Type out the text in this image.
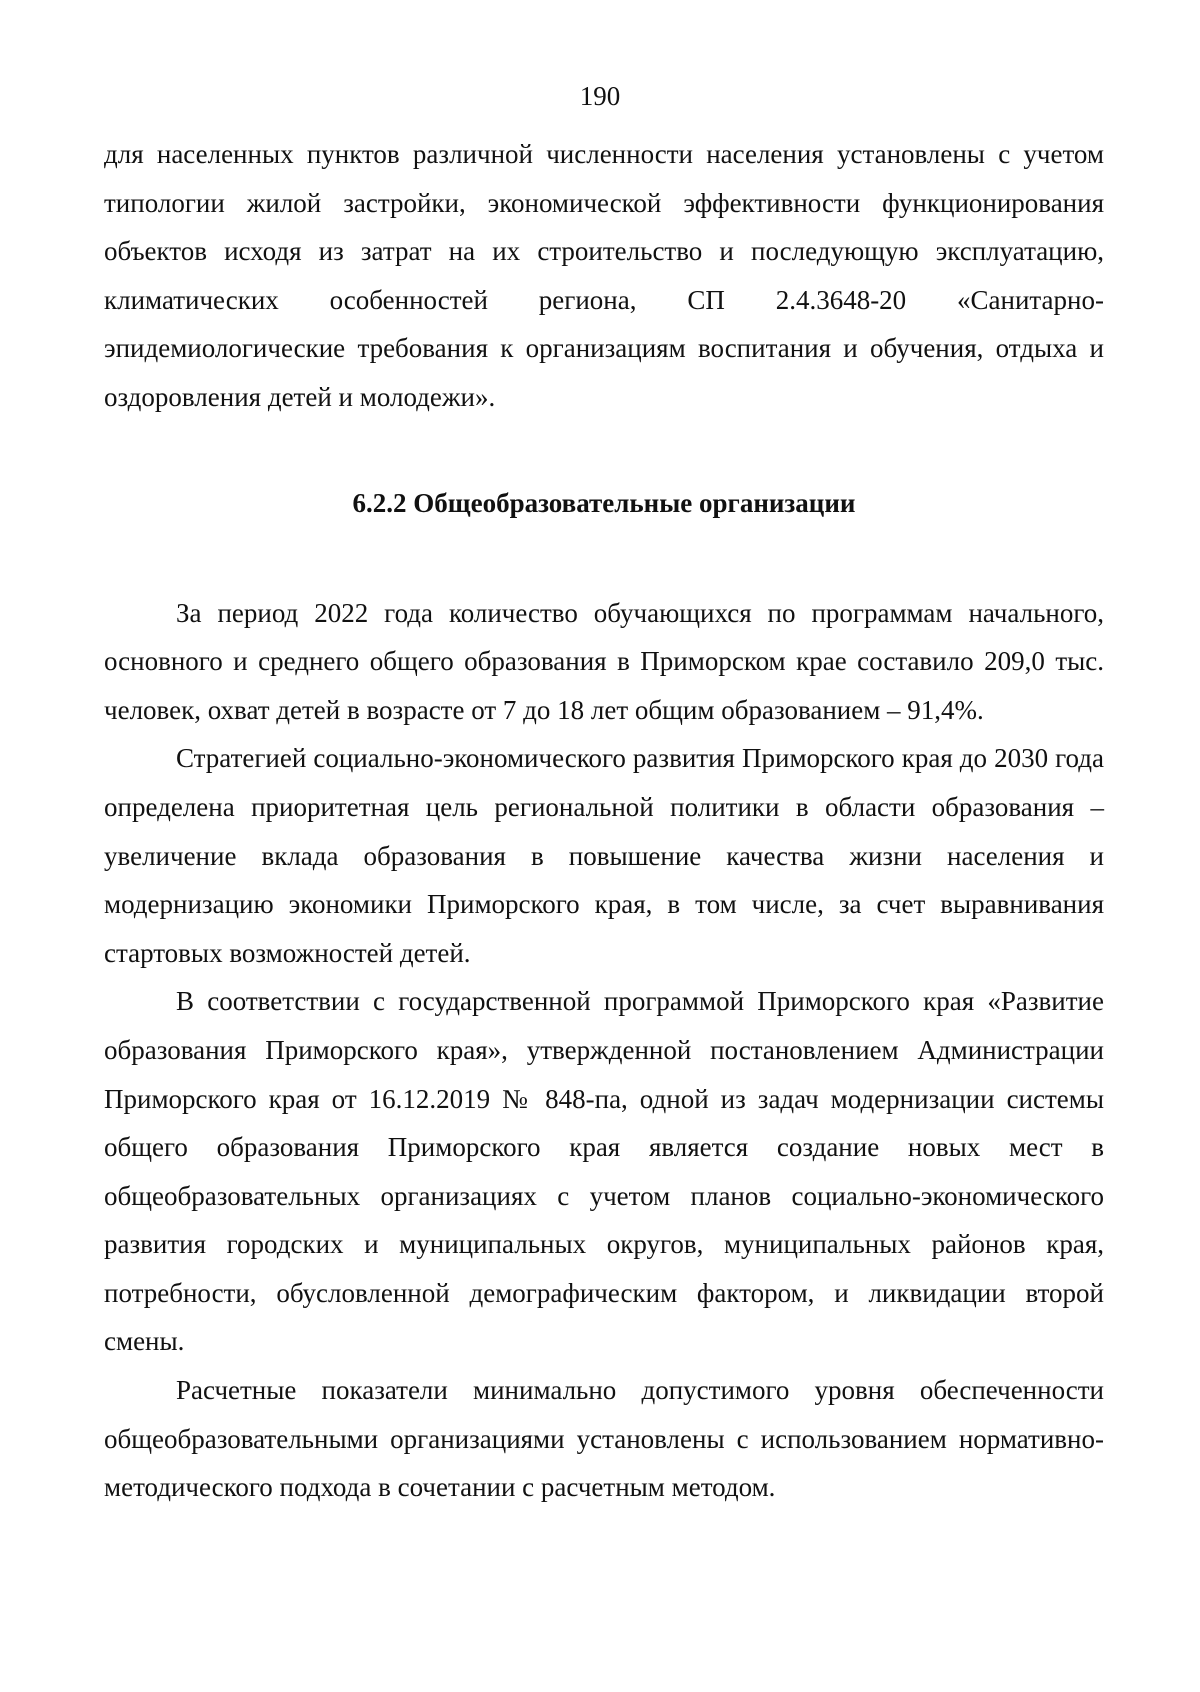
190

для населенных пунктов различной численности населения установлены с учетом типологии жилой застройки, экономической эффективности функционирования объектов исходя из затрат на их строительство и последующую эксплуатацию, климатических особенностей региона, СП 2.4.3648-20 «Санитарно-эпидемиологические требования к организациям воспитания и обучения, отдыха и оздоровления детей и молодежи».

6.2.2 Общеобразовательные организации

За период 2022 года количество обучающихся по программам начального, основного и среднего общего образования в Приморском крае составило 209,0 тыс. человек, охват детей в возрасте от 7 до 18 лет общим образованием – 91,4%.

Стратегией социально-экономического развития Приморского края до 2030 года определена приоритетная цель региональной политики в области образования – увеличение вклада образования в повышение качества жизни населения и модернизацию экономики Приморского края, в том числе, за счет выравнивания стартовых возможностей детей.

В соответствии с государственной программой Приморского края «Развитие образования Приморского края», утвержденной постановлением Администрации Приморского края от 16.12.2019 № 848-па, одной из задач модернизации системы общего образования Приморского края является создание новых мест в общеобразовательных организациях с учетом планов социально-экономического развития городских и муниципальных округов, муниципальных районов края, потребности, обусловленной демографическим фактором, и ликвидации второй смены.

Расчетные показатели минимально допустимого уровня обеспеченности общеобразовательными организациями установлены с использованием нормативно-методического подхода в сочетании с расчетным методом.
